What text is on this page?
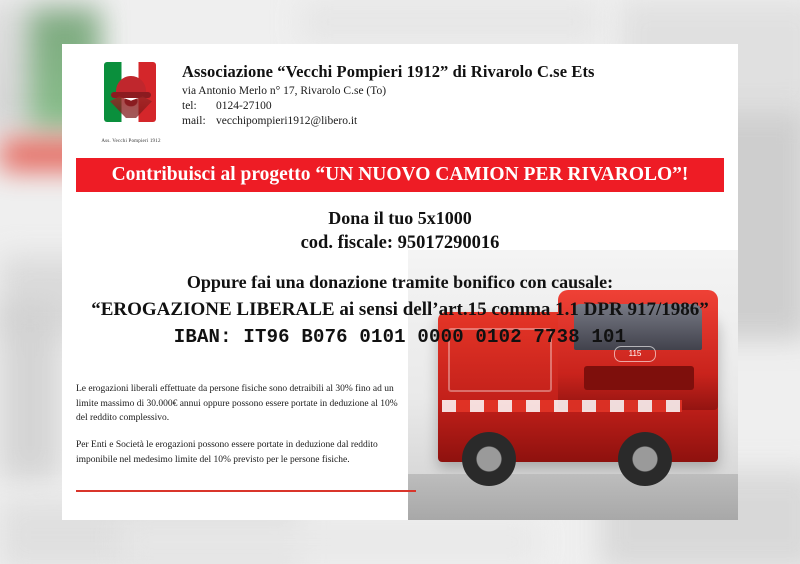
115
Ass. Vecchi Pompieri 1912
Associazione “Vecchi Pompieri 1912” di Rivarolo C.se Ets
via Antonio Merlo n° 17, Rivarolo C.se (To)
tel: 0124-27100
mail: vecchipompieri1912@libero.it
Contribuisci al progetto “UN NUOVO CAMION PER RIVAROLO”!
Dona il tuo 5x1000
cod. fiscale: 95017290016
Oppure fai una donazione tramite bonifico con causale:
“EROGAZIONE LIBERALE ai sensi dell’art.15 comma 1.1 DPR 917/1986”
IBAN: IT96 B076 0101 0000 0102 7738 101

Le erogazioni liberali effettuate da persone fisiche sono detraibili al 30% fino ad un limite massimo di 30.000€ annui oppure possono essere portate in deduzione al 10% del reddito complessivo.

Per Enti e Società le erogazioni possono essere portate in deduzione dal reddito imponibile nel medesimo limite del 10% previsto per le persone fisiche.
